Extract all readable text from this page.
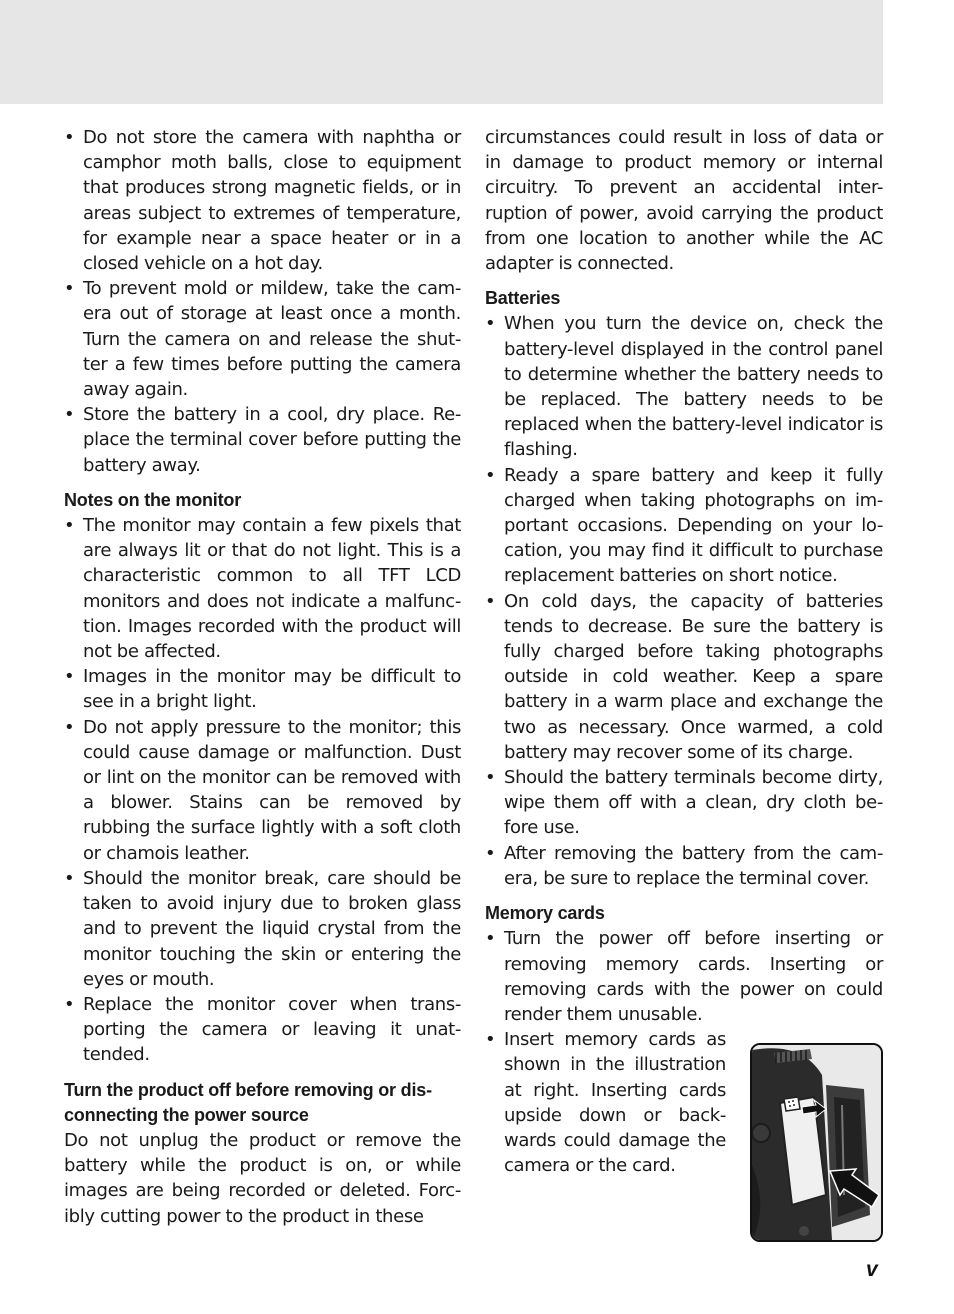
• Do not store the camera with naphtha or camphor moth balls, close to equipment that produces strong magnetic fields, or in areas subject to extremes of temperature, for example near a space heater or in a closed vehicle on a hot day.
• To prevent mold or mildew, take the cam-era out of storage at least once a month. Turn the camera on and release the shut-ter a few times before putting the camera away again.
• Store the battery in a cool, dry place. Re-place the terminal cover before putting the battery away.
Notes on the monitor
• The monitor may contain a few pixels that are always lit or that do not light. This is a characteristic common to all TFT LCD monitors and does not indicate a malfunc-tion. Images recorded with the product will not be affected.
• Images in the monitor may be difficult to see in a bright light.
• Do not apply pressure to the monitor; this could cause damage or malfunction. Dust or lint on the monitor can be removed with a blower. Stains can be removed by rubbing the surface lightly with a soft cloth or chamois leather.
• Should the monitor break, care should be taken to avoid injury due to broken glass and to prevent the liquid crystal from the monitor touching the skin or entering the eyes or mouth.
• Replace the monitor cover when trans-porting the camera or leaving it unat-tended.
Turn the product off before removing or dis-connecting the power source

Do not unplug the product or remove the battery while the product is on, or while images are being recorded or deleted. Forc-ibly cutting power to the product in these

circumstances could result in loss of data or in damage to product memory or internal circuitry. To prevent an accidental inter-ruption of power, avoid carrying the product from one location to another while the AC adapter is connected.

Batteries
• When you turn the device on, check the battery-level displayed in the control panel to determine whether the battery needs to be replaced. The battery needs to be replaced when the battery-level indicator is flashing.
• Ready a spare battery and keep it fully charged when taking photographs on im-portant occasions. Depending on your lo-cation, you may find it difficult to purchase replacement batteries on short notice.
• On cold days, the capacity of batteries tends to decrease. Be sure the battery is fully charged before taking photographs outside in cold weather. Keep a spare battery in a warm place and exchange the two as necessary. Once warmed, a cold battery may recover some of its charge.
• Should the battery terminals become dirty, wipe them off with a clean, dry cloth be-fore use.
• After removing the battery from the cam-era, be sure to replace the terminal cover.
Memory cards
• Turn the power off before inserting or removing memory cards. Inserting or removing cards with the power on could render them unusable.
• Insert memory cards as shown in the illustration at right. Inserting cards upside down or back-wards could damage the camera or the card.
v
